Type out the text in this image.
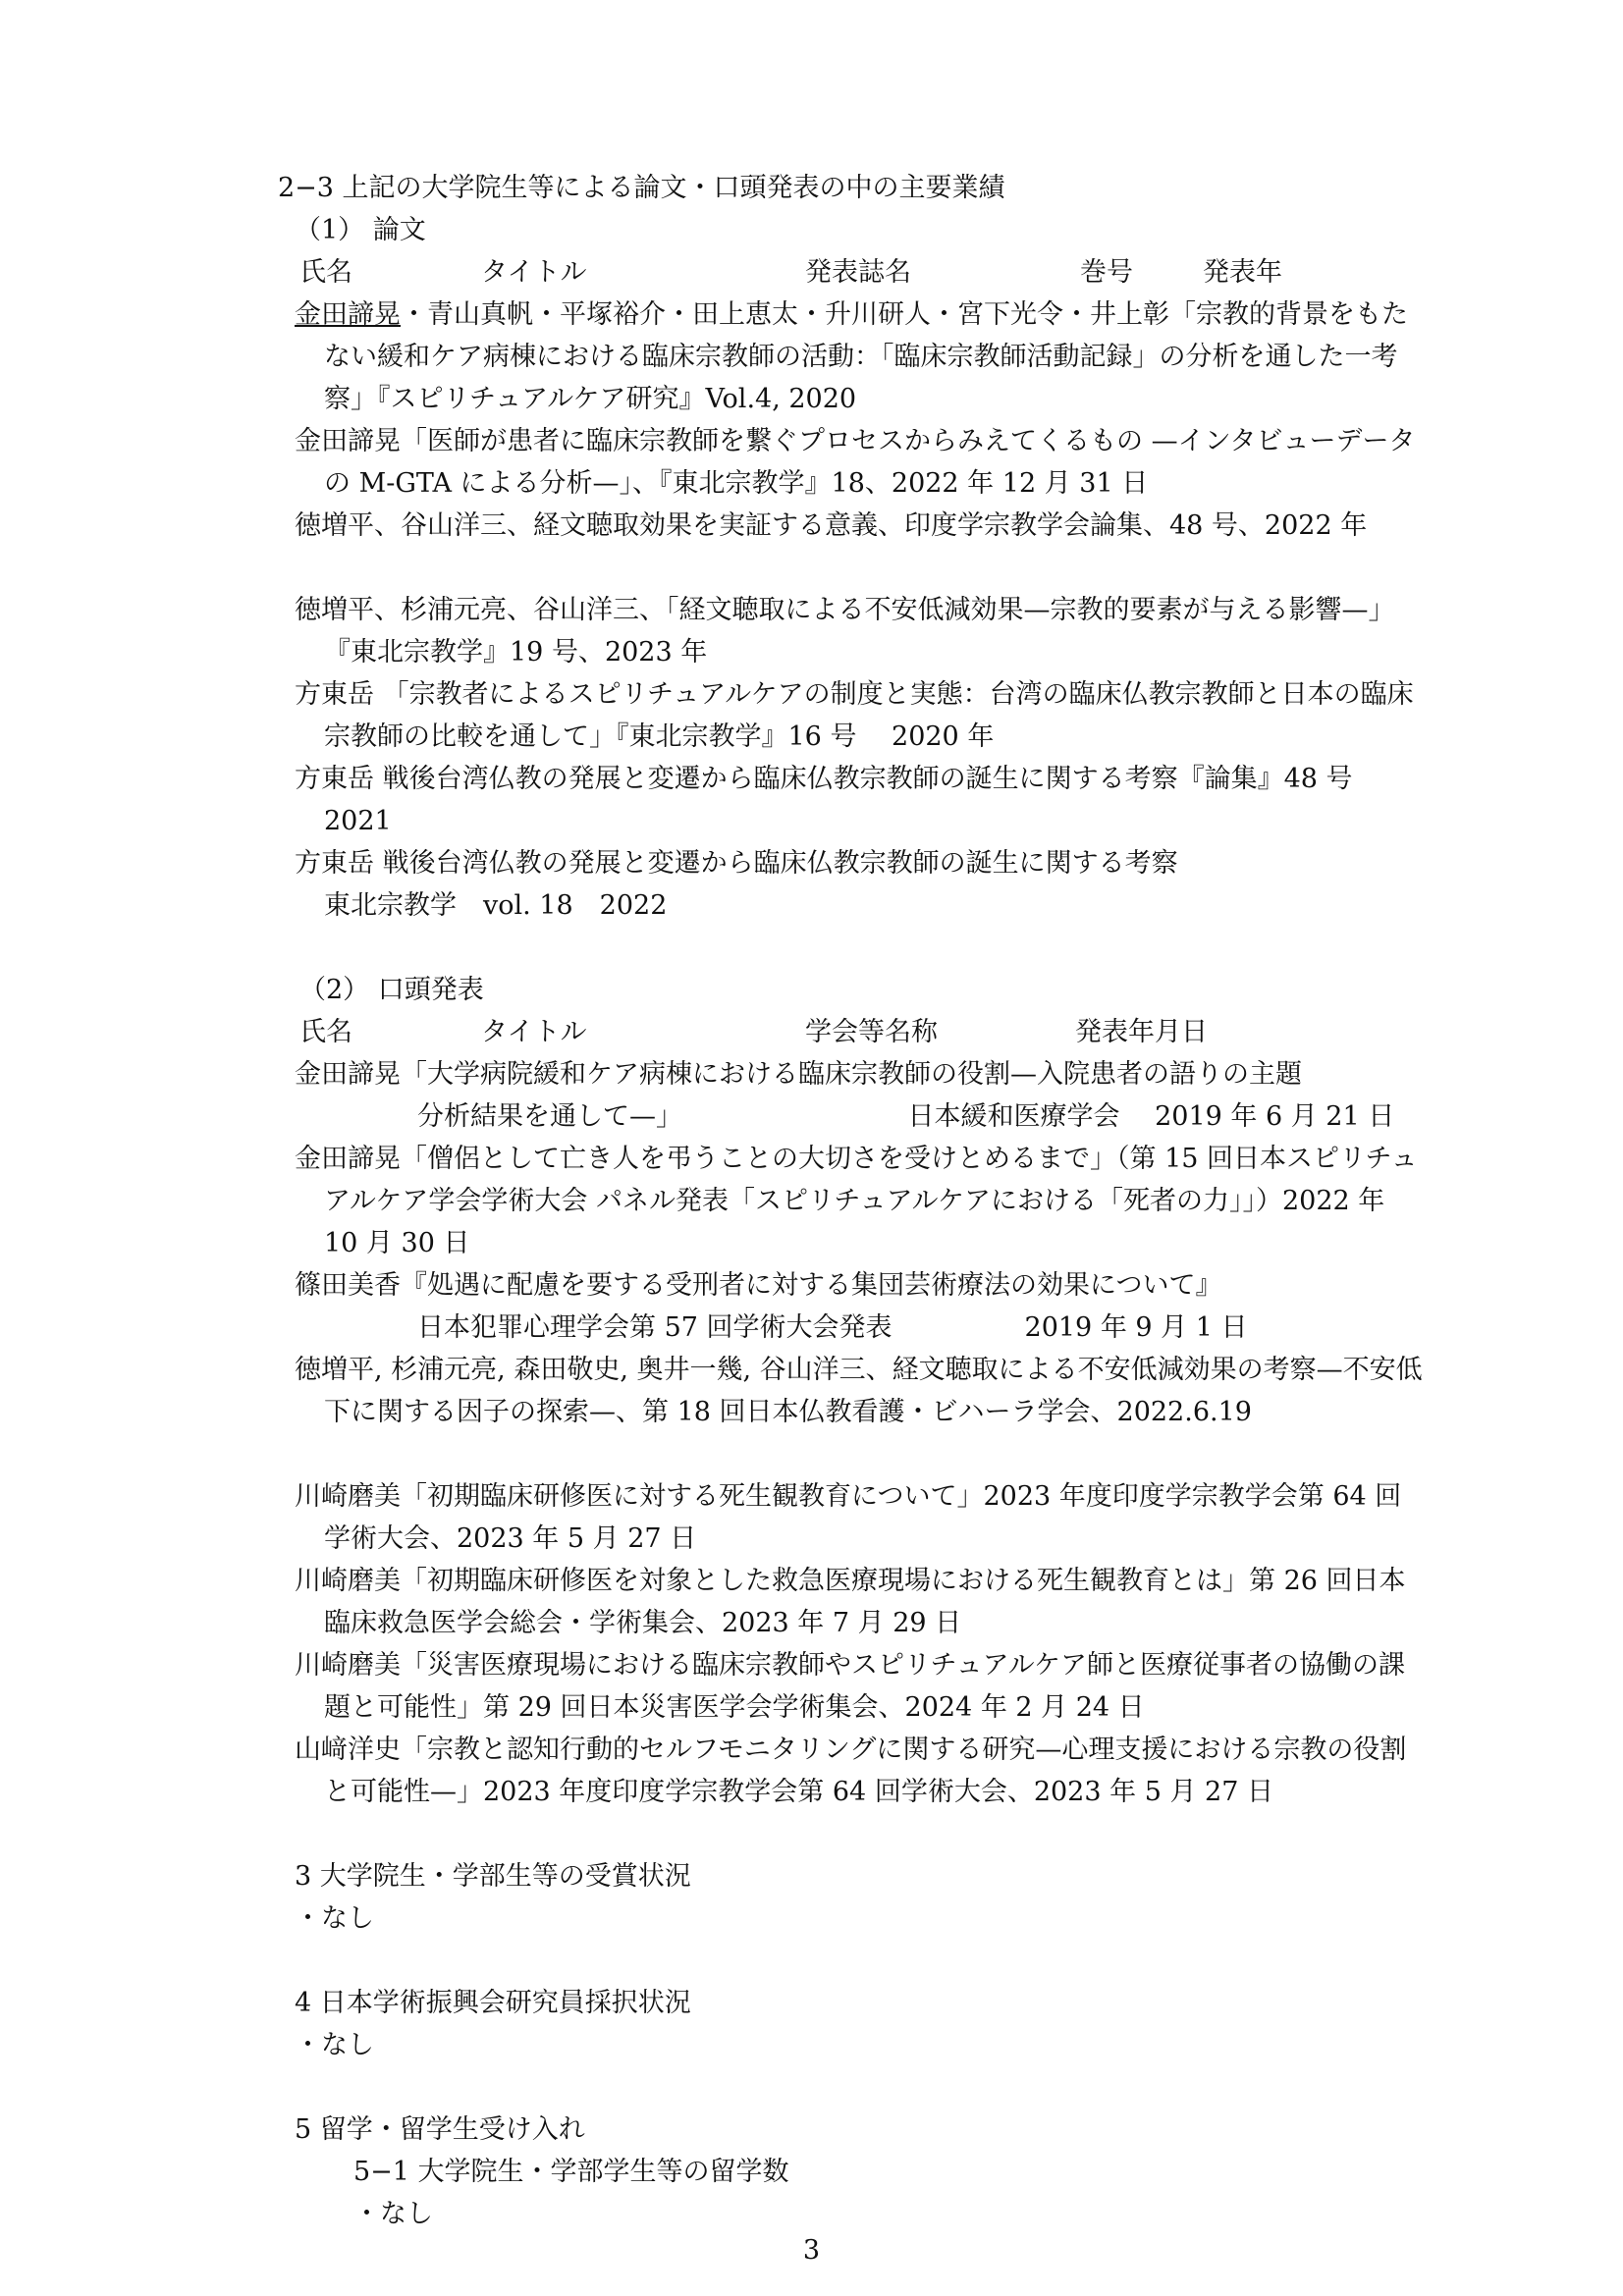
2−3 上記の大学院生等による論文・口頭発表の中の主要業績
（1） 論文
氏名	タイトル	発表誌名	巻号	発表年
金田諦晃・青山真帆・平塚裕介・田上恵太・升川研人・宮下光令・井上彰「宗教的背景をもたない緩和ケア病棟における臨床宗教師の活動：「臨床宗教師活動記録」の分析を通した一考察」『スピリチュアルケア研究』Vol.4, 2020
金田諦晃「医師が患者に臨床宗教師を繋ぐプロセスからみえてくるもの —インタビューデータの M-GTA による分析—」、『東北宗教学』18、2022 年 12 月 31 日
徳増平、谷山洋三、経文聴取効果を実証する意義、印度学宗教学会論集、48 号、2022 年
徳増平、杉浦元亮、谷山洋三、「経文聴取による不安低減効果—宗教的要素が与える影響—」『東北宗教学』19 号、2023 年
方東岳 「宗教者によるスピリチュアルケアの制度と実態：台湾の臨床仏教宗教師と日本の臨床宗教師の比較を通して」『東北宗教学』16 号　 2020 年
方東岳 戦後台湾仏教の発展と変遷から臨床仏教宗教師の誕生に関する考察『論集』48 号　2021
方東岳 戦後台湾仏教の発展と変遷から臨床仏教宗教師の誕生に関する考察
東北宗教学　vol. 18　2022
（2） 口頭発表
氏名	タイトル	学会等名称	発表年月日
金田諦晃「大学病院緩和ケア病棟における臨床宗教師の役割—入院患者の語りの主題
分析結果を通して—」　　　　　　　　　日本緩和医療学会　 2019 年 6 月 21 日
金田諦晃「僧侶として亡き人を弔うことの大切さを受けとめるまで」（第 15 回日本スピリチュアルケア学会学術大会 パネル発表「スピリチュアルケアにおける「死者の力」」）2022 年 10 月 30 日
篠田美香『処遇に配慮を要する受刑者に対する集団芸術療法の効果について』
日本犯罪心理学会第 57 回学術大会発表　　　　　2019 年 9 月 1 日
徳増平, 杉浦元亮, 森田敬史, 奥井一幾, 谷山洋三、経文聴取による不安低減効果の考察—不安低下に関する因子の探索—、第 18 回日本仏教看護・ビハーラ学会、2022.6.19
川崎磨美「初期臨床研修医に対する死生観教育について」2023 年度印度学宗教学会第 64 回学術大会、2023 年 5 月 27 日
川崎磨美「初期臨床研修医を対象とした救急医療現場における死生観教育とは」第 26 回日本臨床救急医学会総会・学術集会、2023 年 7 月 29 日
川崎磨美「災害医療現場における臨床宗教師やスピリチュアルケア師と医療従事者の協働の課題と可能性」第 29 回日本災害医学会学術集会、2024 年 2 月 24 日
山﨑洋史「宗教と認知行動的セルフモニタリングに関する研究—心理支援における宗教の役割と可能性—」2023 年度印度学宗教学会第 64 回学術大会、2023 年 5 月 27 日
3 大学院生・学部生等の受賞状況
・なし
4 日本学術振興会研究員採択状況
・なし
5 留学・留学生受け入れ
5−1 大学院生・学部学生等の留学数
・なし
3
